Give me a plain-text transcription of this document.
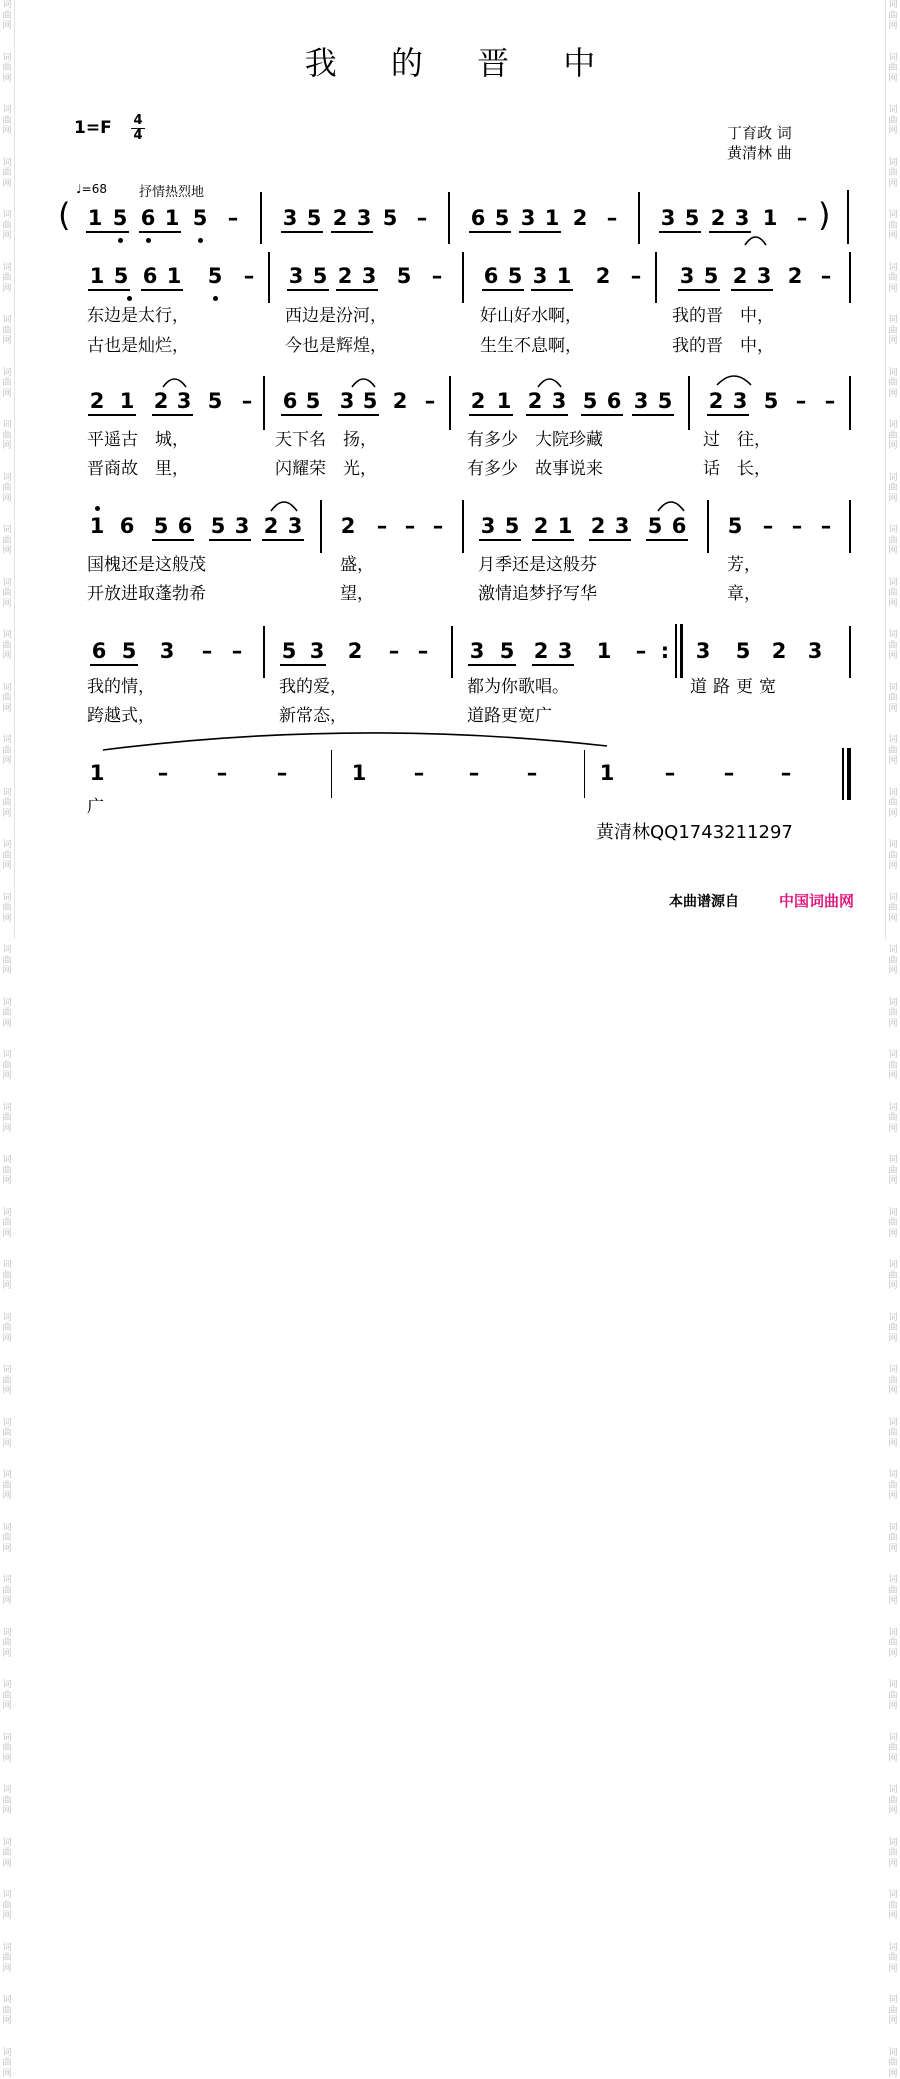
词
曲
网

词
曲
网

词
曲
网

词
曲
网

词
曲
网

词
曲
网

词
曲
网

词
曲
网

词
曲
网

词
曲
网

词
曲
网

词
曲
网

词
曲
网

词
曲
网

词
曲
网

词
曲
网

词
曲
网

词
曲
网

词
曲
网

词
曲
网

词
曲
网

词
曲
网

词
曲
网

词
曲
网

词
曲
网

词
曲
网

词
曲
网

词
曲
网

词
曲
网

词
曲
网

词
曲
网

词
曲
网

词
曲
网

词
曲
网

词
曲
网

词
曲
网

词
曲
网

词
曲
网

词
曲
网

词
曲
网

词
曲
网

词
曲
网

词
曲
网

词
曲
网

词
曲
网

词
曲
网

词
曲
网

词
曲
网

词
曲
网

词
曲
网

词
曲
网

词
曲
网

词
曲
网

词
曲
网

词
曲
网

词
曲
网

词
曲
网

词
曲
网

词
曲
网

词
曲
网

词
曲
网

词
曲
网

词
曲
网

词
曲
网

词
曲
网

词
曲
网

词
曲
网

词
曲
网

词
曲
网

词
曲
网

词
曲
网

词
曲
网

词
曲
网

词
曲
网

词
曲
网

词
曲
网

词
曲
网

词
曲
网

词
曲
网

词
曲
网

我 的 晋 中
1=F 4
4	丁育政 词
黄清林 曲
♩=68 抒情热烈地
( 1 5 6 1 5 – 3 5 2 3 5 – 6 5 3 1 2 – 3 5 2 3 1 – )
1 5 6 1 5 – 3 5 2 3 5 – 6 5 3 1 2 – 3 5 2 3 2 –
2 1 2 3 5 – 6 5 3 5 2 – 2 1 2 3 5 6 3 5 2 3 5 – –
1 6 5 6 5 3 2 3 2 – – – 3 5 2 1 2 3 5 6 5 – – –
6 5 3 – – 5 3 2 – – 3 5 2 3 1 – : 3 5 2 3
1	– – –	1 – – –	1 – – –
东边是太行，
古也是灿烂，
西边是汾河，
今也是辉煌，
好山好水啊，
生生不息啊，
我的晋　中，
我的晋　中，
平遥古　城，
晋商故　里，
天下名　扬，
闪耀荣　光，
有多少　大院珍藏
有多少　故事说来
过　往，
话　长，
国槐还是这般茂
开放进取蓬勃希
盛，
望，
月季还是这般芬
激情追梦抒写华
芳，
章，
我的情，
跨越式，
我的爱，
新常态，
都为你歌唱。
道路更宽广
道路更宽
广
黄清林QQ1743211297
本曲谱源自	中国词曲网
